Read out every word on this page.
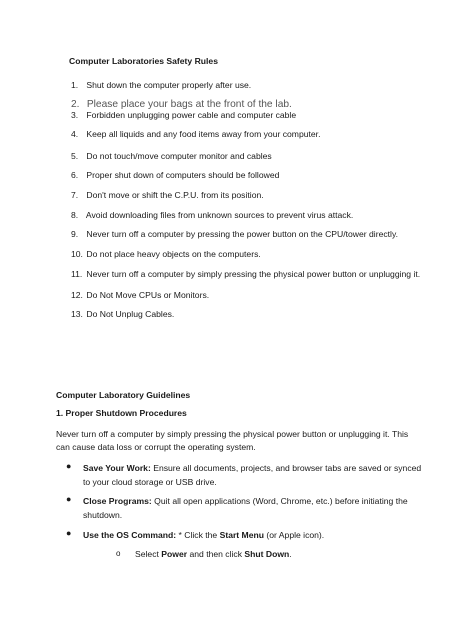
Computer Laboratories Safety Rules
1. Shut down the computer properly after use.
2. Please place your bags at the front of the lab.
3. Forbidden unplugging power cable and computer cable
4. Keep all liquids and any food items away from your computer.
5. Do not touch/move computer monitor and cables
6. Proper shut down of computers should be followed
7. Don't move or shift the C.P.U. from its position.
8. Avoid downloading files from unknown sources to prevent virus attack.
9. Never turn off a computer by pressing the power button on the CPU/tower directly.
10. Do not place heavy objects on the computers.
11. Never turn off a computer by simply pressing the physical power button or unplugging it.
12. Do Not Move CPUs or Monitors.
13. Do Not Unplug Cables.
Computer Laboratory Guidelines
1. Proper Shutdown Procedures
Never turn off a computer by simply pressing the physical power button or unplugging it. This can cause data loss or corrupt the operating system.
● Save Your Work: Ensure all documents, projects, and browser tabs are saved or synced
to your cloud storage or USB drive.
● Close Programs: Quit all open applications (Word, Chrome, etc.) before initiating the
shutdown.
● Use the OS Command: * Click the Start Menu (or Apple icon).
o Select Power and then click Shut Down.
